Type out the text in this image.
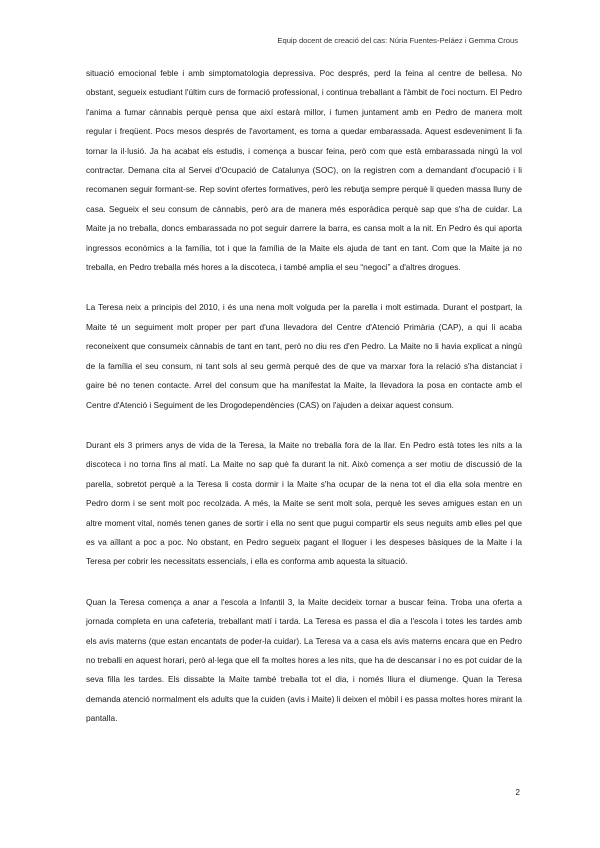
Equip docent de creació del cas: Núria Fuentes-Peláez i Gemma Crous

situació emocional feble i amb simptomatologia depressiva. Poc després, perd la feina al centre de bellesa. No obstant, segueix estudiant l'últim curs de formació professional, i continua treballant a l'àmbit de l'oci nocturn. El Pedro l'anima a fumar cànnabis perquè pensa que així estarà millor, i fumen juntament amb en Pedro de manera molt regular i freqüent. Pocs mesos després de l'avortament, es torna a quedar embarassada. Aquest esdeveniment li fa tornar la il·lusió. Ja ha acabat els estudis, i comença a buscar feina, però com que està embarassada ningú la vol contractar. Demana cita al Servei d'Ocupació de Catalunya (SOC), on la registren com a demandant d'ocupació i li recomanen seguir formant-se. Rep sovint ofertes formatives, però les rebutja sempre perquè li queden massa lluny de casa. Segueix el seu consum de cànnabis, però ara de manera més esporàdica perquè sap que s'ha de cuidar. La Maite ja no treballa, doncs embarassada no pot seguir darrere la barra, es cansa molt a la nit. En Pedro és qui aporta ingressos econòmics a la família, tot i que la família de la Maite els ajuda de tant en tant. Com que la Maite ja no treballa, en Pedro treballa més hores a la discoteca, i també amplia el seu “negoci” a d'altres drogues.

La Teresa neix a principis del 2010, i és una nena molt volguda per la parella i molt estimada. Durant el postpart, la Maite té un seguiment molt proper per part d'una llevadora del Centre d'Atenció Primària (CAP), a qui li acaba reconeixent que consumeix cànnabis de tant en tant, però no diu res d'en Pedro. La Maite no li havia explicat a ningú de la família el seu consum, ni tant sols al seu germà perquè des de que va marxar fora la relació s'ha distanciat i gaire bé no tenen contacte. Arrel del consum que ha manifestat la Maite, la llevadora la posa en contacte amb el Centre d'Atenció i Seguiment de les Drogodependències (CAS) on l'ajuden a deixar aquest consum.

Durant els 3 primers anys de vida de la Teresa, la Maite no treballa fora de la llar. En Pedro està totes les nits a la discoteca i no torna fins al matí. La Maite no sap què fa durant la nit. Això comença a ser motiu de discussió de la parella, sobretot perquè a la Teresa li costa dormir i la Maite s'ha ocupar de la nena tot el dia ella sola mentre en Pedro dorm i se sent molt poc recolzada. A més, la Maite se sent molt sola, perquè les seves amigues estan en un altre moment vital, només tenen ganes de sortir i ella no sent que pugui compartir els seus neguits amb elles pel que es va aïllant a poc a poc. No obstant, en Pedro segueix pagant el lloguer i les despeses bàsiques de la Maite i la Teresa per cobrir les necessitats essencials, i ella es conforma amb aquesta la situació.

Quan la Teresa comença a anar a l'escola a Infantil 3, la Maite decideix tornar a buscar feina. Troba una oferta a jornada completa en una cafeteria, treballant matí i tarda. La Teresa es passa el dia a l'escola i totes les tardes amb els avis materns (que estan encantats de poder-la cuidar). La Teresa va a casa els avis materns encara que en Pedro no treballi en aquest horari, però al·lega que ell fa moltes hores a les nits, que ha de descansar i no es pot cuidar de la seva filla les tardes. Els dissabte la Maite també treballa tot el dia, i només lliura el diumenge. Quan la Teresa demanda atenció normalment els adults que la cuiden (avis i Maite) li deixen el mòbil i es passa moltes hores mirant la pantalla.

2
